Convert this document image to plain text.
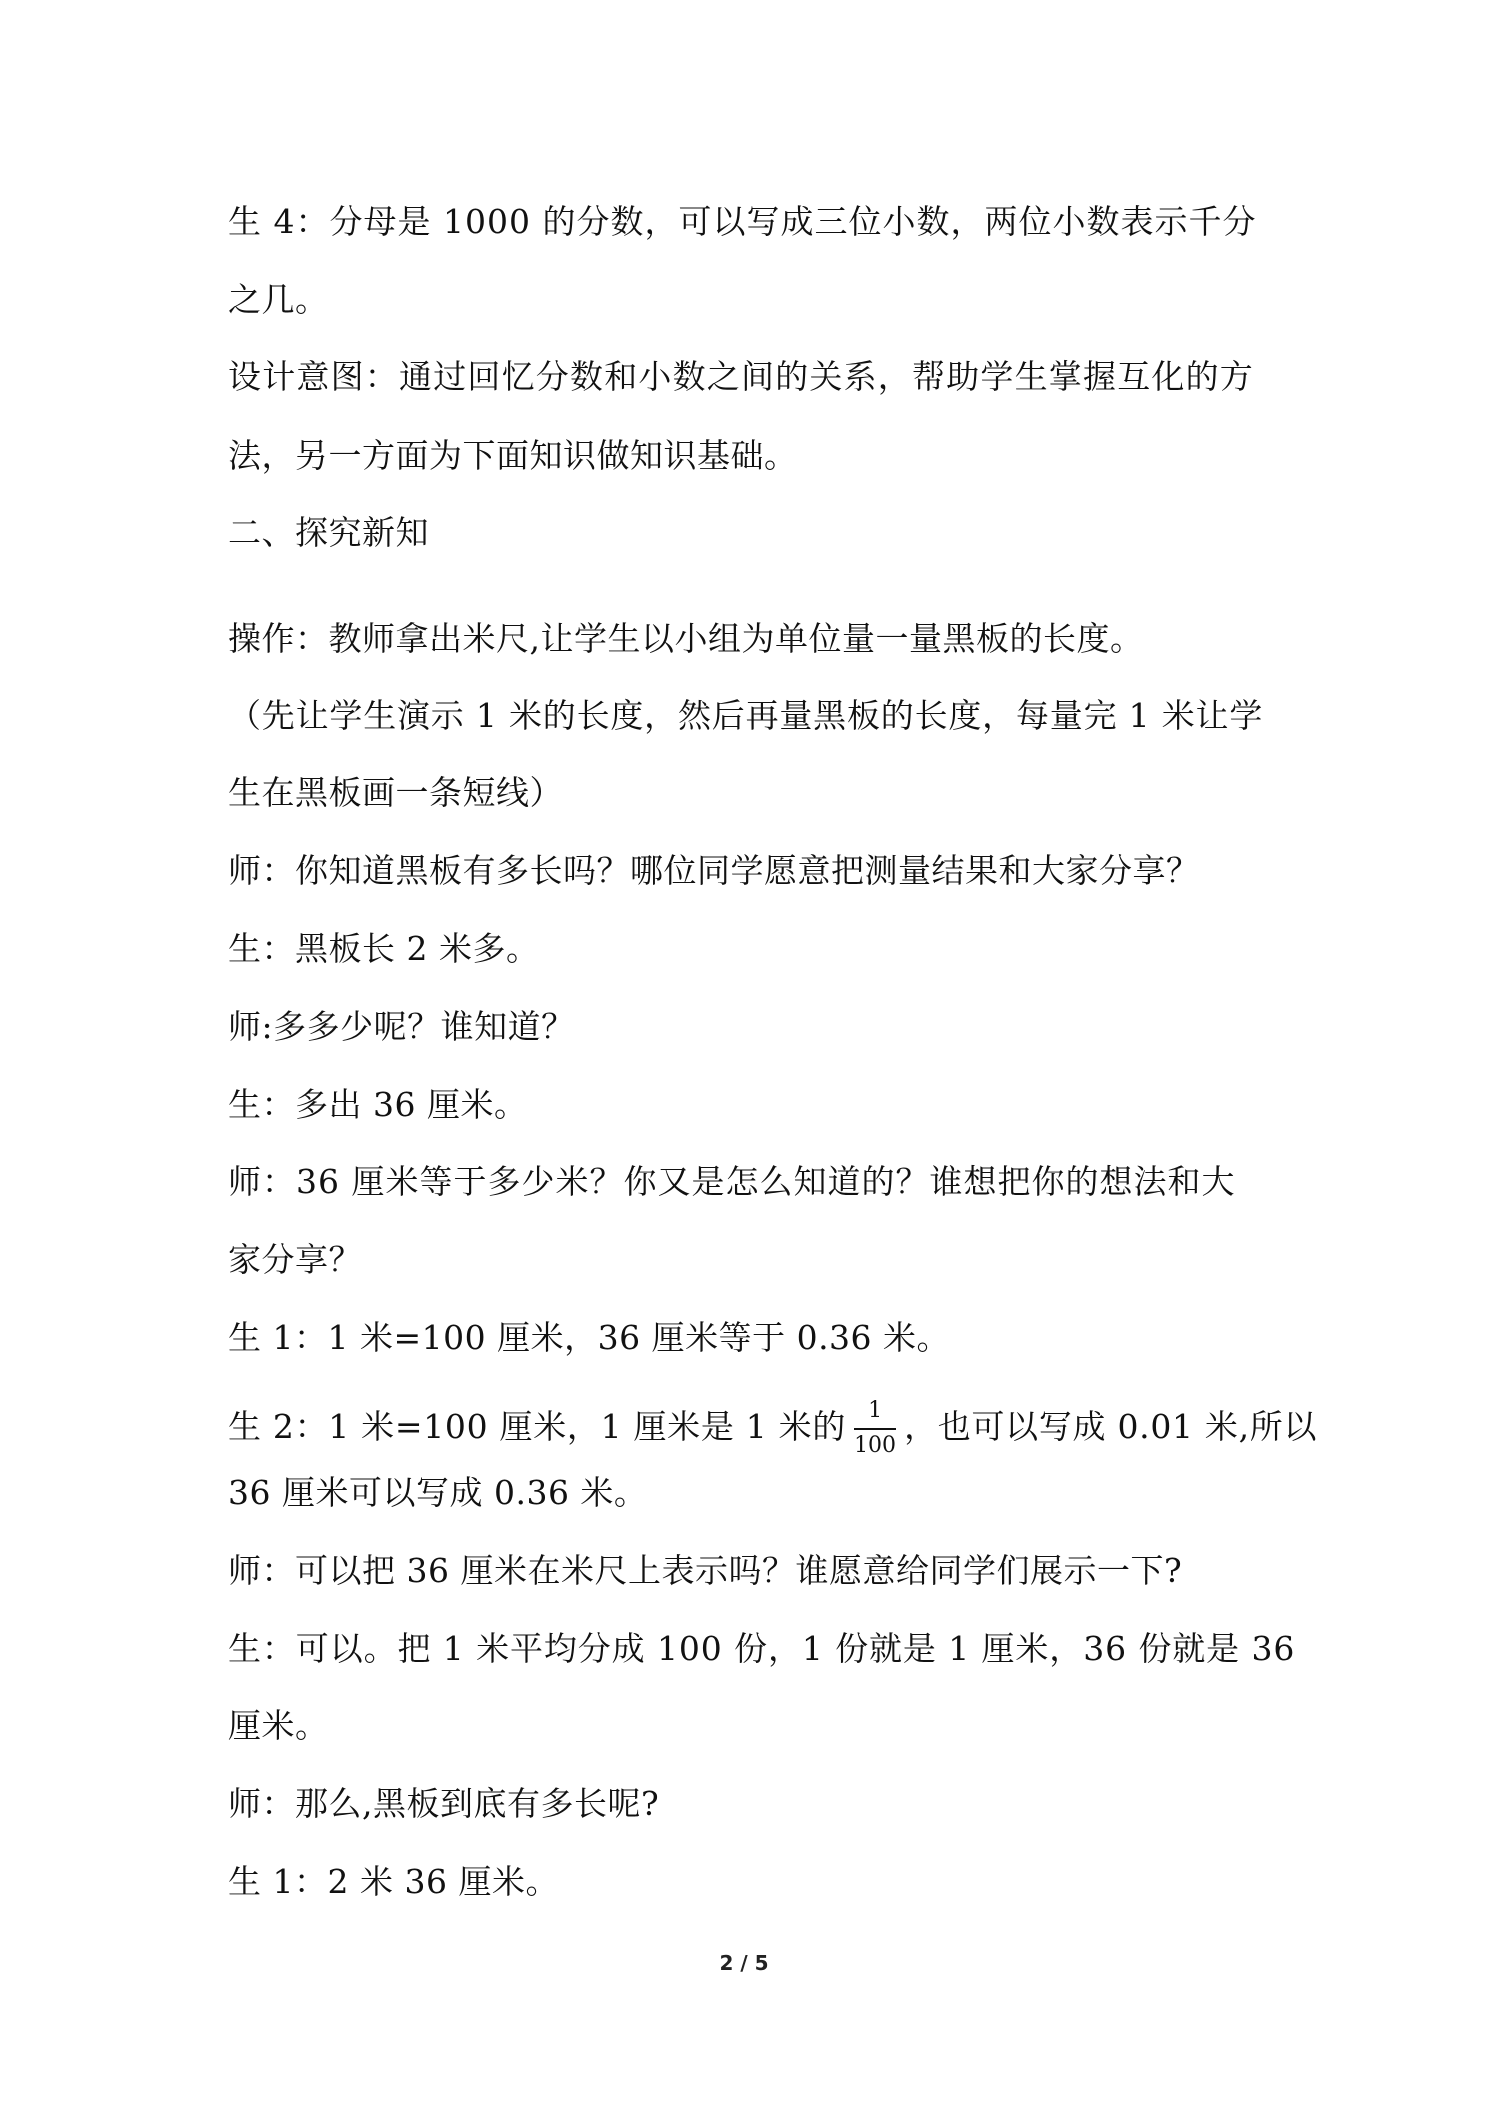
生 4：分母是 1000 的分数，可以写成三位小数，两位小数表示千分
之几。
设计意图：通过回忆分数和小数之间的关系，帮助学生掌握互化的方
法，另一方面为下面知识做知识基础。
二、探究新知
操作：教师拿出米尺,让学生以小组为单位量一量黑板的长度。
（先让学生演示 1 米的长度，然后再量黑板的长度，每量完 1 米让学
生在黑板画一条短线）
师：你知道黑板有多长吗？哪位同学愿意把测量结果和大家分享？
生：黑板长 2 米多。
师:多多少呢？谁知道？
生：多出 36 厘米。
师：36 厘米等于多少米？你又是怎么知道的？谁想把你的想法和大
家分享？
生 1：1 米=100 厘米，36 厘米等于 0.36 米。
生 2：1 米=100 厘米，1 厘米是 1 米的 $\frac{1}{100}$ ，也可以写成 0.01 米,所以
36 厘米可以写成 0.36 米。
师：可以把 36 厘米在米尺上表示吗？谁愿意给同学们展示一下?
生：可以。把 1 米平均分成 100 份，1 份就是 1 厘米，36 份就是 36
厘米。
师：那么,黑板到底有多长呢?
生 1：2 米 36 厘米。
2 / 5
